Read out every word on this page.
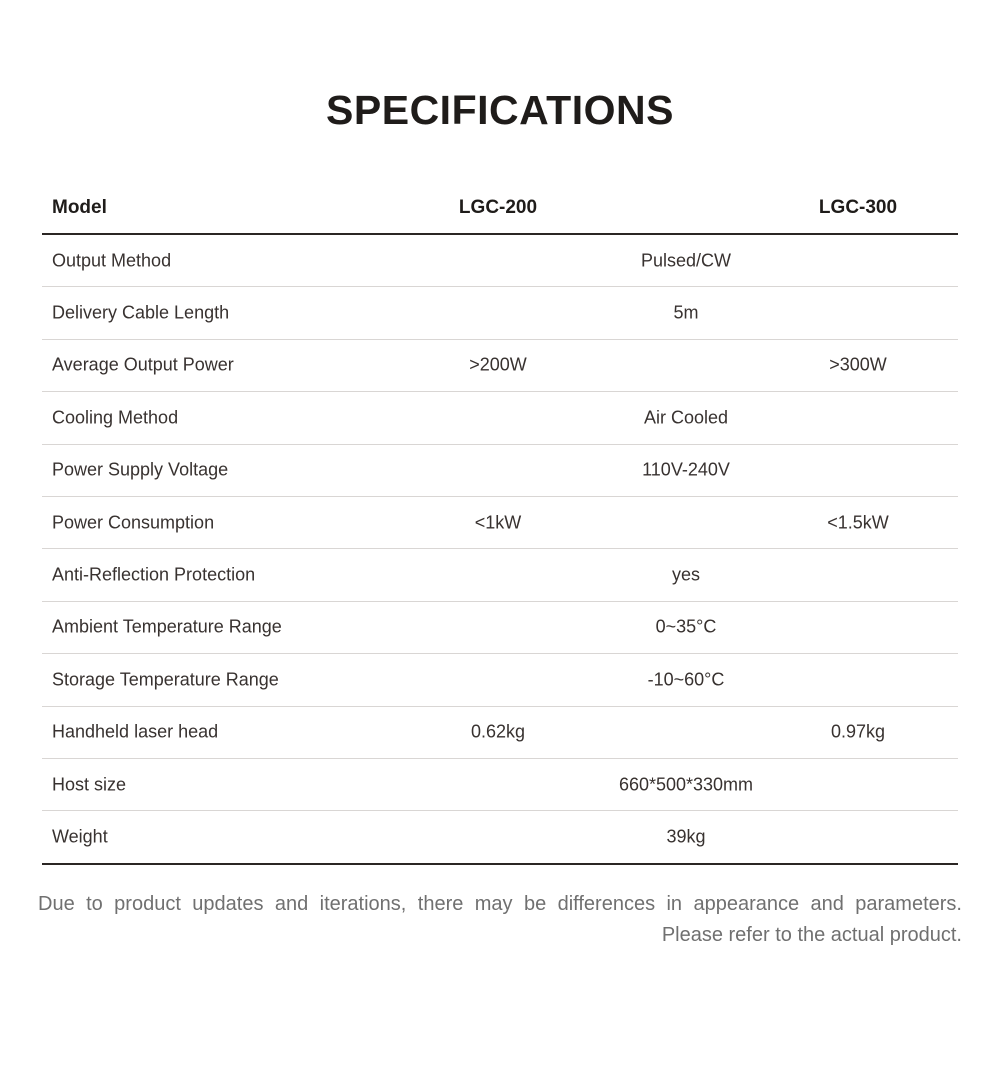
SPECIFICATIONS
Model	LGC-200	LGC-300
Output Method	Pulsed/CW
Delivery Cable Length	5m
Average Output Power	>200W	>300W
Cooling Method	Air Cooled
Power Supply Voltage	110V-240V
Power Consumption	<1kW	<1.5kW
Anti-Reflection Protection	yes
Ambient Temperature Range	0~35°C
Storage Temperature Range	-10~60°C
Handheld laser head	0.62kg	0.97kg
Host size	660*500*330mm
Weight	39kg
Due to product updates and iterations, there may be differences in appearance and parameters.
Please refer to the actual product.
